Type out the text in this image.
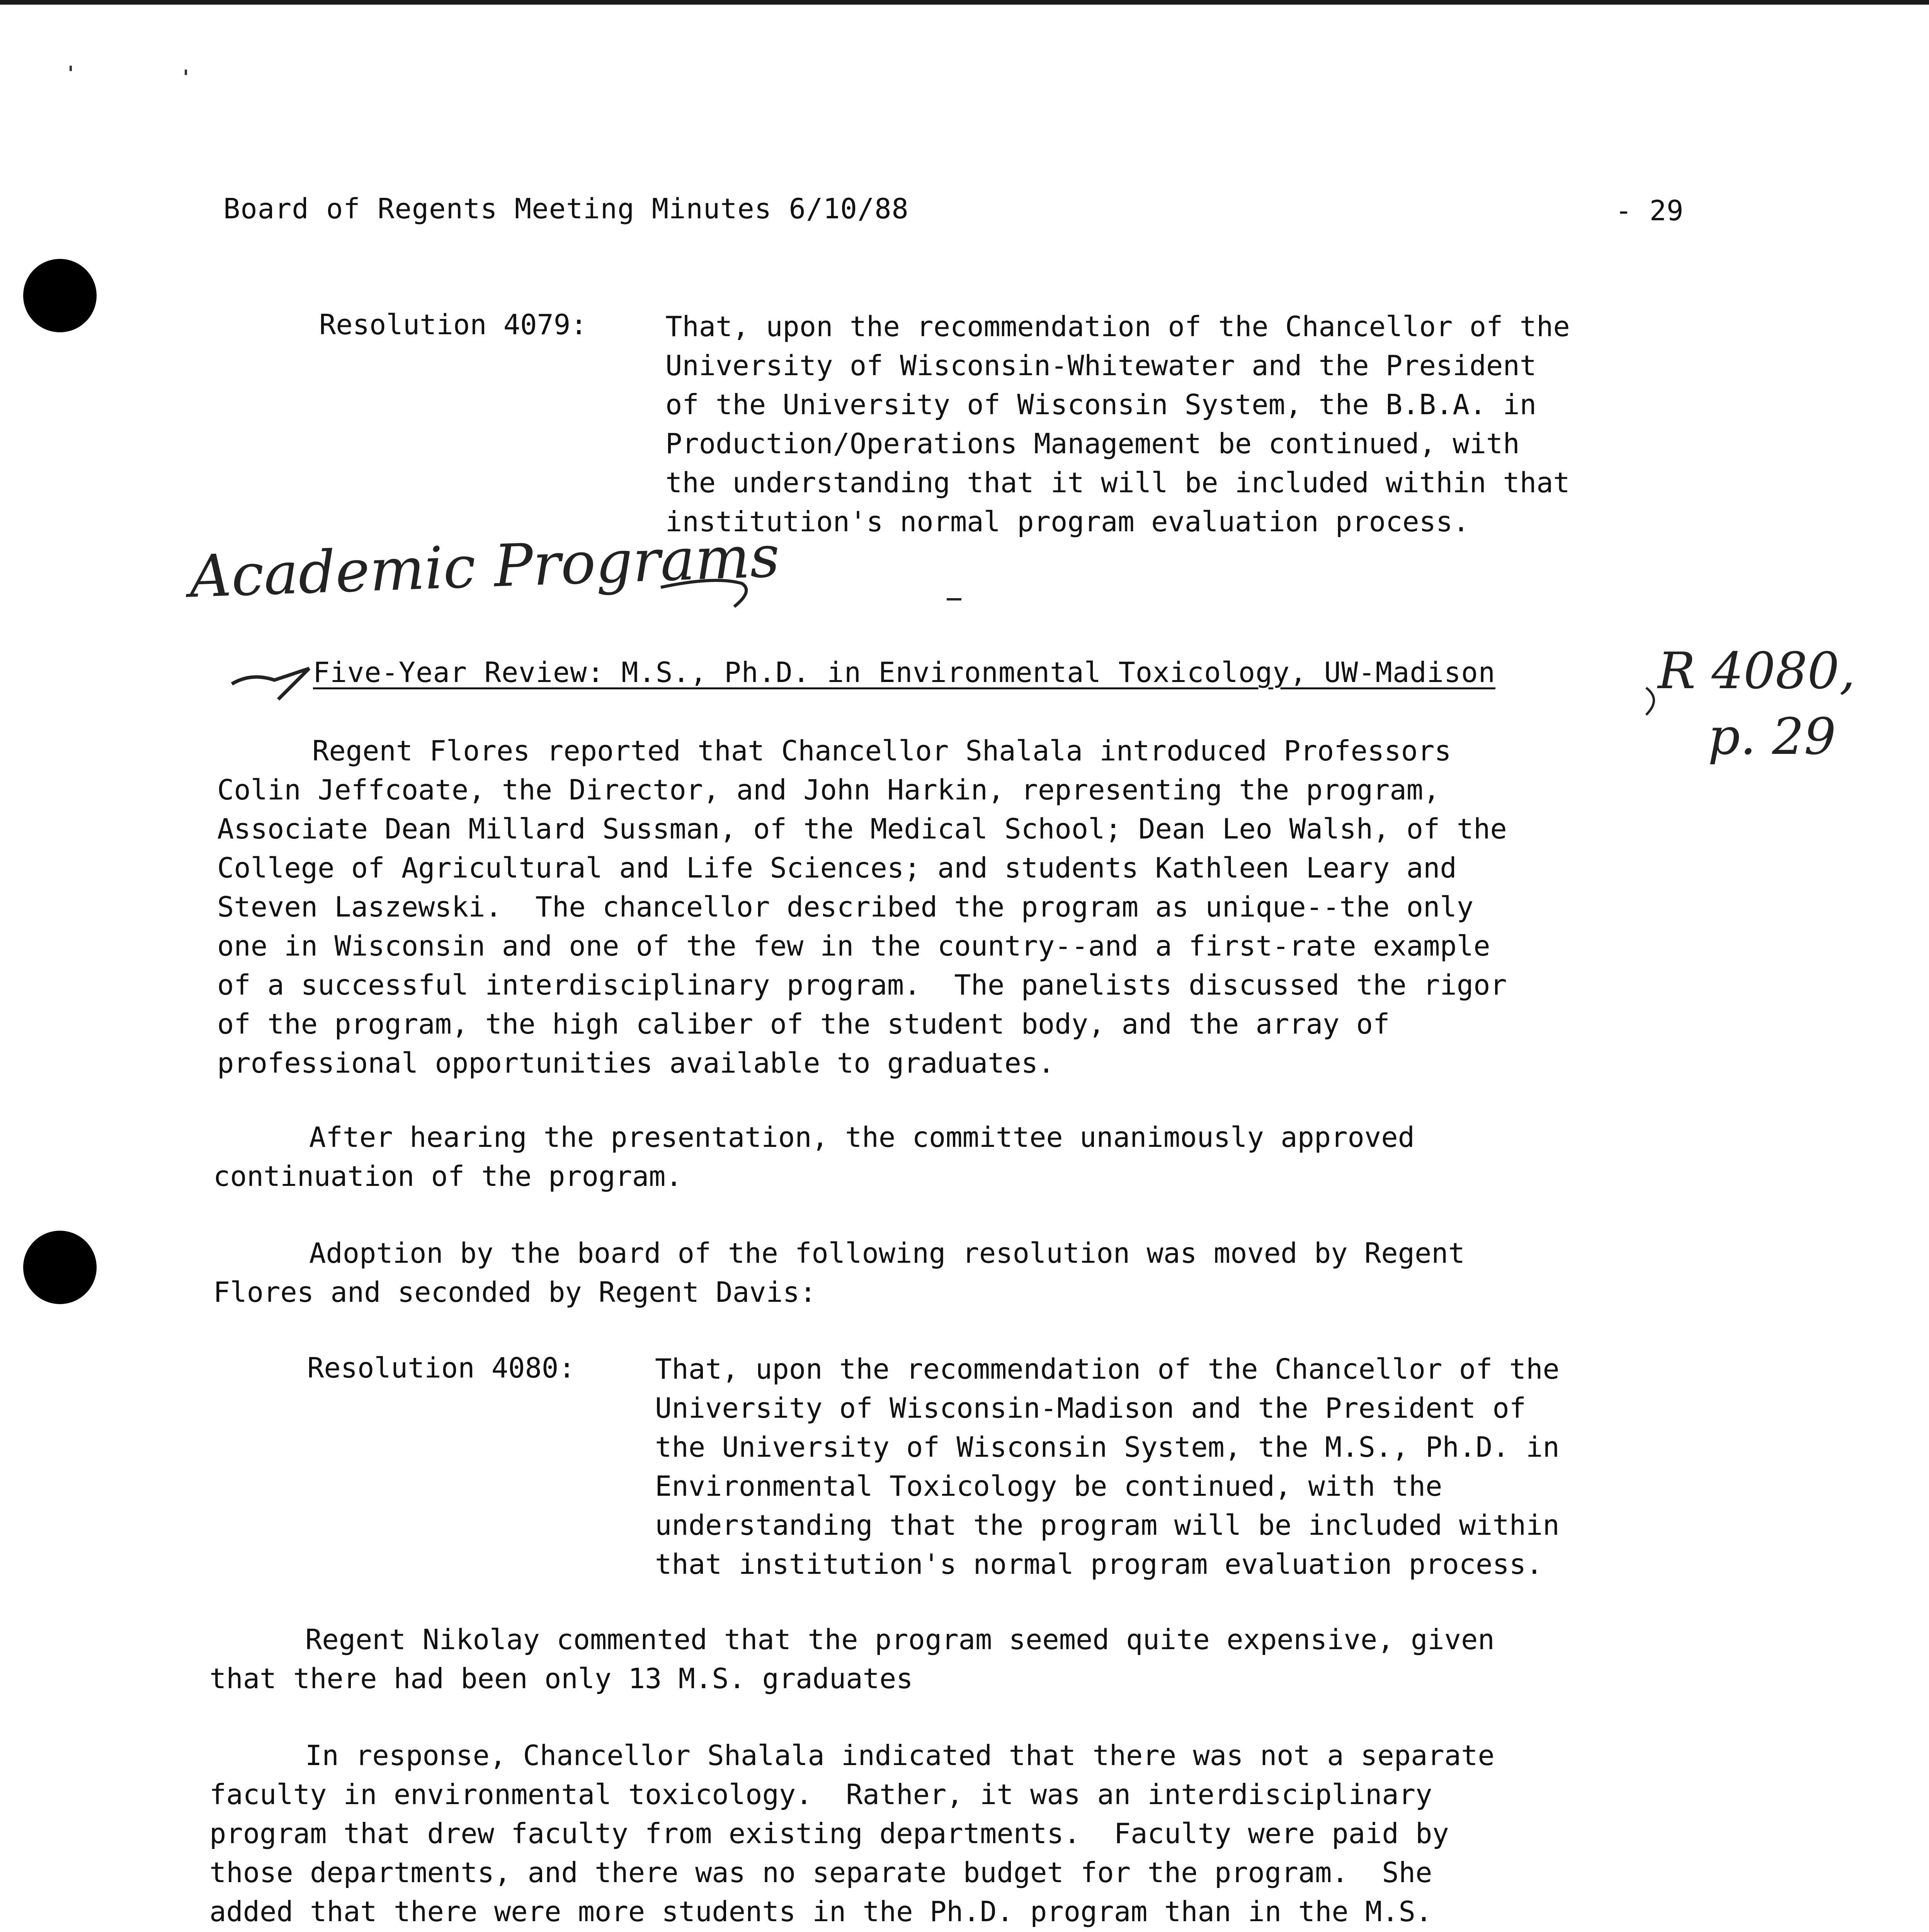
Board of Regents Meeting Minutes 6/10/88	- 29
Resolution 4079:	That, upon the recommendation of the Chancellor of the
University of Wisconsin-Whitewater and the President
of the University of Wisconsin System, the B.B.A. in
Production/Operations Management be continued, with
the understanding that it will be included within that
institution's normal program evaluation process.
Academic Programs
Five-Year Review: M.S., Ph.D. in Environmental Toxicology, UW-Madison	R 4080,
p. 29
Regent Flores reported that Chancellor Shalala introduced Professors
Colin Jeffcoate, the Director, and John Harkin, representing the program,
Associate Dean Millard Sussman, of the Medical School; Dean Leo Walsh, of the
College of Agricultural and Life Sciences; and students Kathleen Leary and
Steven Laszewski.  The chancellor described the program as unique--the only
one in Wisconsin and one of the few in the country--and a first-rate example
of a successful interdisciplinary program.  The panelists discussed the rigor
of the program, the high caliber of the student body, and the array of
professional opportunities available to graduates.
After hearing the presentation, the committee unanimously approved
continuation of the program.
Adoption by the board of the following resolution was moved by Regent
Flores and seconded by Regent Davis:
Resolution 4080:	That, upon the recommendation of the Chancellor of the
University of Wisconsin-Madison and the President of
the University of Wisconsin System, the M.S., Ph.D. in
Environmental Toxicology be continued, with the
understanding that the program will be included within
that institution's normal program evaluation process.
Regent Nikolay commented that the program seemed quite expensive, given
that there had been only 13 M.S. graduates
In response, Chancellor Shalala indicated that there was not a separate
faculty in environmental toxicology.  Rather, it was an interdisciplinary
program that drew faculty from existing departments.  Faculty were paid by
those departments, and there was no separate budget for the program.  She
added that there were more students in the Ph.D. program than in the M.S.
